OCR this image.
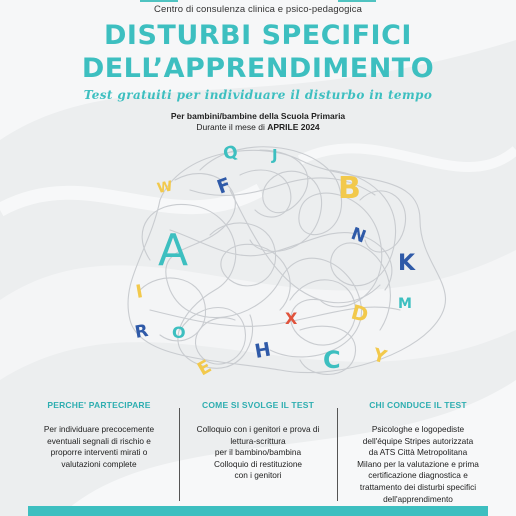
Centro di consulenza clinica e psico-pedagogica
DISTURBI SPECIFICI
DELL’APPRENDIMENTO
Test gratuiti per individuare il disturbo in tempo
Per bambini/bambine della Scuola Primaria
Durante il mese di APRILE 2024
Q J
W F	B
N
A	K
I
M
D
R O
X
H
E	C Y
PERCHE' PARTECIPARE

Per individuare precocemente
eventuali segnali di rischio e
proporre interventi mirati o
valutazioni complete

COME SI SVOLGE IL TEST

Colloquio con i genitori e prova di
lettura-scrittura
per il bambino/bambina
Colloquio di restituzione
con i genitori

CHI CONDUCE IL TEST

Psicologhe e logopediste
dell'équipe Stripes autorizzata
da ATS Città Metropolitana
Milano per la valutazione e prima
certificazione diagnostica e
trattamento dei disturbi specifici
dell'apprendimento
